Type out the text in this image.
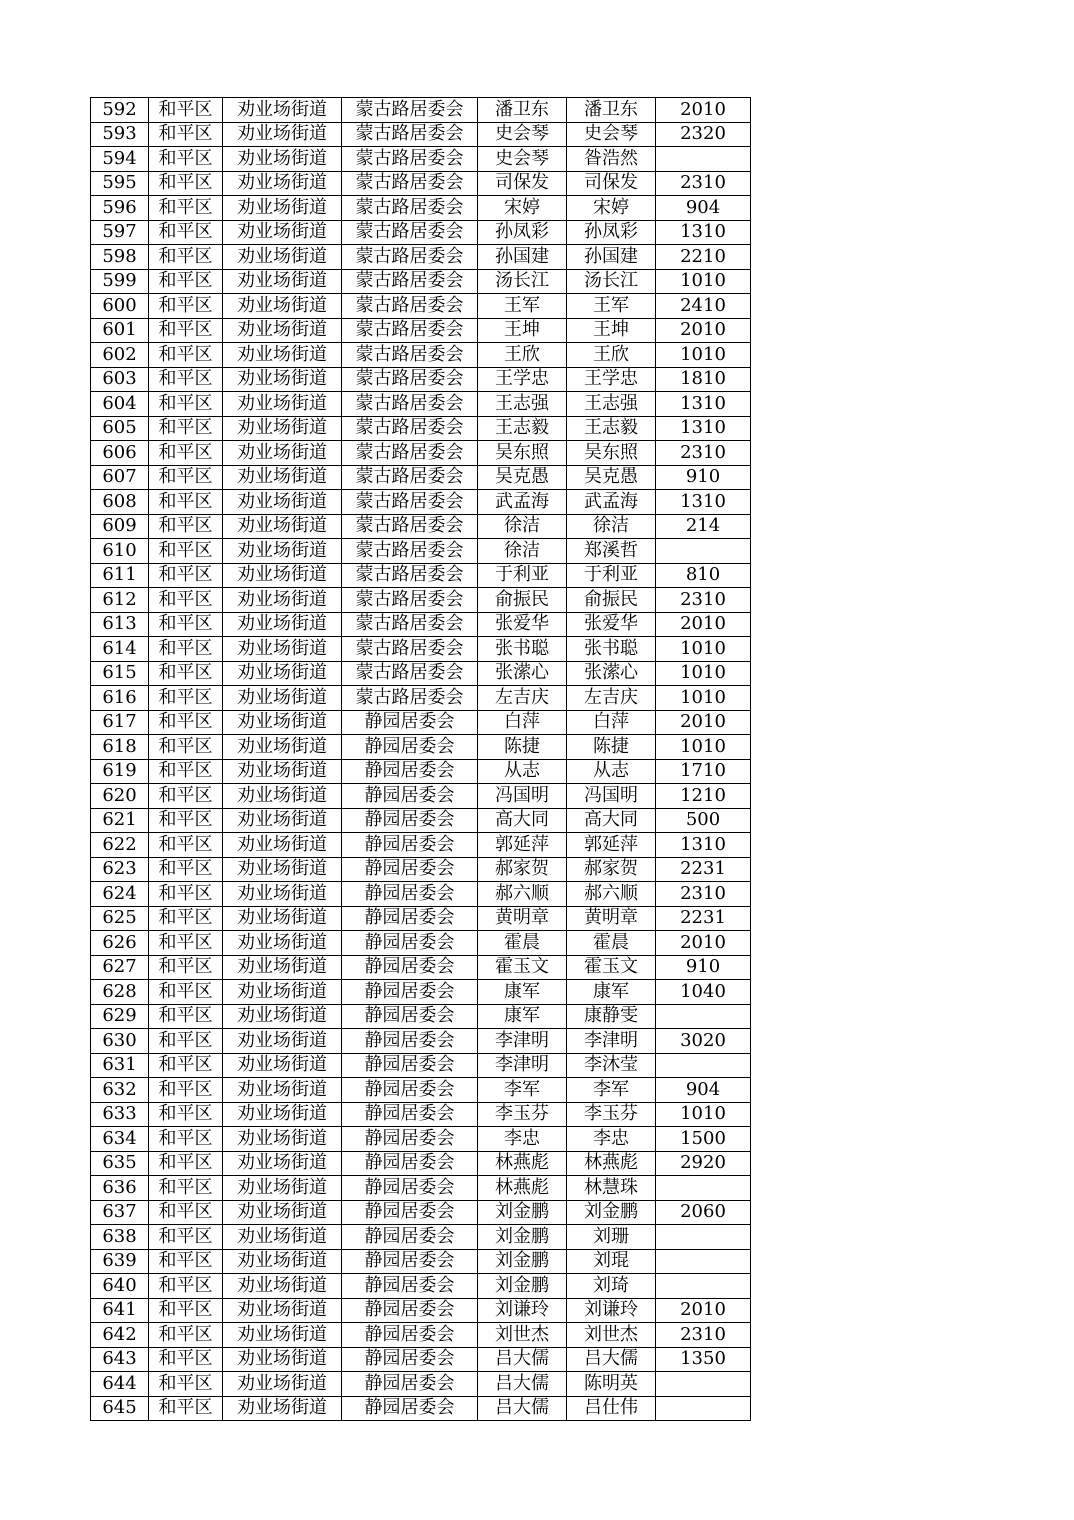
592	和平区	劝业场街道	蒙古路居委会	潘卫东	潘卫东	2010
593	和平区	劝业场街道	蒙古路居委会	史会琴	史会琴	2320
594	和平区	劝业场街道	蒙古路居委会	史会琴	昝浩然	
595	和平区	劝业场街道	蒙古路居委会	司保发	司保发	2310
596	和平区	劝业场街道	蒙古路居委会	宋婷	宋婷	904
597	和平区	劝业场街道	蒙古路居委会	孙凤彩	孙凤彩	1310
598	和平区	劝业场街道	蒙古路居委会	孙国建	孙国建	2210
599	和平区	劝业场街道	蒙古路居委会	汤长江	汤长江	1010
600	和平区	劝业场街道	蒙古路居委会	王军	王军	2410
601	和平区	劝业场街道	蒙古路居委会	王坤	王坤	2010
602	和平区	劝业场街道	蒙古路居委会	王欣	王欣	1010
603	和平区	劝业场街道	蒙古路居委会	王学忠	王学忠	1810
604	和平区	劝业场街道	蒙古路居委会	王志强	王志强	1310
605	和平区	劝业场街道	蒙古路居委会	王志毅	王志毅	1310
606	和平区	劝业场街道	蒙古路居委会	吴东照	吴东照	2310
607	和平区	劝业场街道	蒙古路居委会	吴克愚	吴克愚	910
608	和平区	劝业场街道	蒙古路居委会	武孟海	武孟海	1310
609	和平区	劝业场街道	蒙古路居委会	徐洁	徐洁	214
610	和平区	劝业场街道	蒙古路居委会	徐洁	郑溪哲	
611	和平区	劝业场街道	蒙古路居委会	于利亚	于利亚	810
612	和平区	劝业场街道	蒙古路居委会	俞振民	俞振民	2310
613	和平区	劝业场街道	蒙古路居委会	张爱华	张爱华	2010
614	和平区	劝业场街道	蒙古路居委会	张书聪	张书聪	1010
615	和平区	劝业场街道	蒙古路居委会	张潆心	张潆心	1010
616	和平区	劝业场街道	蒙古路居委会	左吉庆	左吉庆	1010
617	和平区	劝业场街道	静园居委会	白萍	白萍	2010
618	和平区	劝业场街道	静园居委会	陈捷	陈捷	1010
619	和平区	劝业场街道	静园居委会	从志	从志	1710
620	和平区	劝业场街道	静园居委会	冯国明	冯国明	1210
621	和平区	劝业场街道	静园居委会	高大同	高大同	500
622	和平区	劝业场街道	静园居委会	郭延萍	郭延萍	1310
623	和平区	劝业场街道	静园居委会	郝家贺	郝家贺	2231
624	和平区	劝业场街道	静园居委会	郝六顺	郝六顺	2310
625	和平区	劝业场街道	静园居委会	黄明章	黄明章	2231
626	和平区	劝业场街道	静园居委会	霍晨	霍晨	2010
627	和平区	劝业场街道	静园居委会	霍玉文	霍玉文	910
628	和平区	劝业场街道	静园居委会	康军	康军	1040
629	和平区	劝业场街道	静园居委会	康军	康静雯	
630	和平区	劝业场街道	静园居委会	李津明	李津明	3020
631	和平区	劝业场街道	静园居委会	李津明	李沐莹	
632	和平区	劝业场街道	静园居委会	李军	李军	904
633	和平区	劝业场街道	静园居委会	李玉芬	李玉芬	1010
634	和平区	劝业场街道	静园居委会	李忠	李忠	1500
635	和平区	劝业场街道	静园居委会	林燕彪	林燕彪	2920
636	和平区	劝业场街道	静园居委会	林燕彪	林慧珠	
637	和平区	劝业场街道	静园居委会	刘金鹏	刘金鹏	2060
638	和平区	劝业场街道	静园居委会	刘金鹏	刘珊	
639	和平区	劝业场街道	静园居委会	刘金鹏	刘琨	
640	和平区	劝业场街道	静园居委会	刘金鹏	刘琦	
641	和平区	劝业场街道	静园居委会	刘谦玲	刘谦玲	2010
642	和平区	劝业场街道	静园居委会	刘世杰	刘世杰	2310
643	和平区	劝业场街道	静园居委会	吕大儒	吕大儒	1350
644	和平区	劝业场街道	静园居委会	吕大儒	陈明英	
645	和平区	劝业场街道	静园居委会	吕大儒	吕仕伟	
